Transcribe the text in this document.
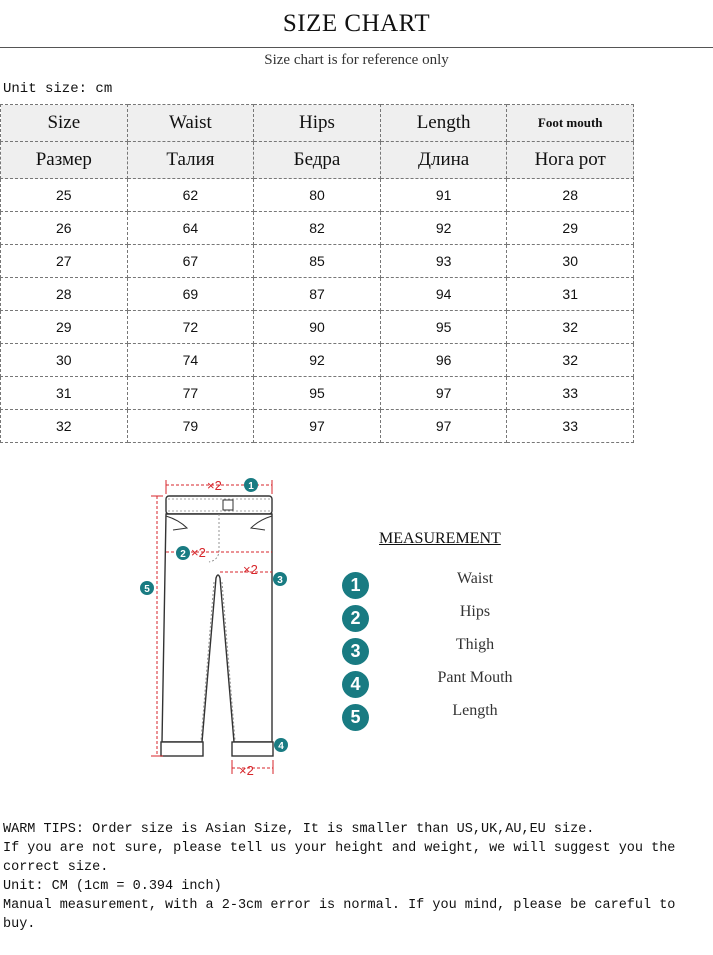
SIZE CHART
Size chart is for reference only
Unit size: cm
Size	Waist	Hips	Length	Foot mouth
Размер	Талия	Бедра	Длина	Нога рот
25	62	80	91	28
26	64	82	92	29
27	67	85	93	30
28	69	87	94	31
29	72	90	95	32
30	74	92	96	32
31	77	95	97	33
32	79	97	97	33
×2
×2
×2
×2
1
2
3
4
5
MEASUREMENT
1	Waist
2	Hips
3	Thigh
4	Pant Mouth
5	Length

WARM TIPS: Order size is Asian Size, It is smaller than US,UK,AU,EU size.

If you are not sure, please tell us your height and weight, we will suggest you the correct size.

Unit: CM (1cm = 0.394 inch)

Manual measurement, with a 2-3cm error is normal. If you mind, please be careful to buy.
